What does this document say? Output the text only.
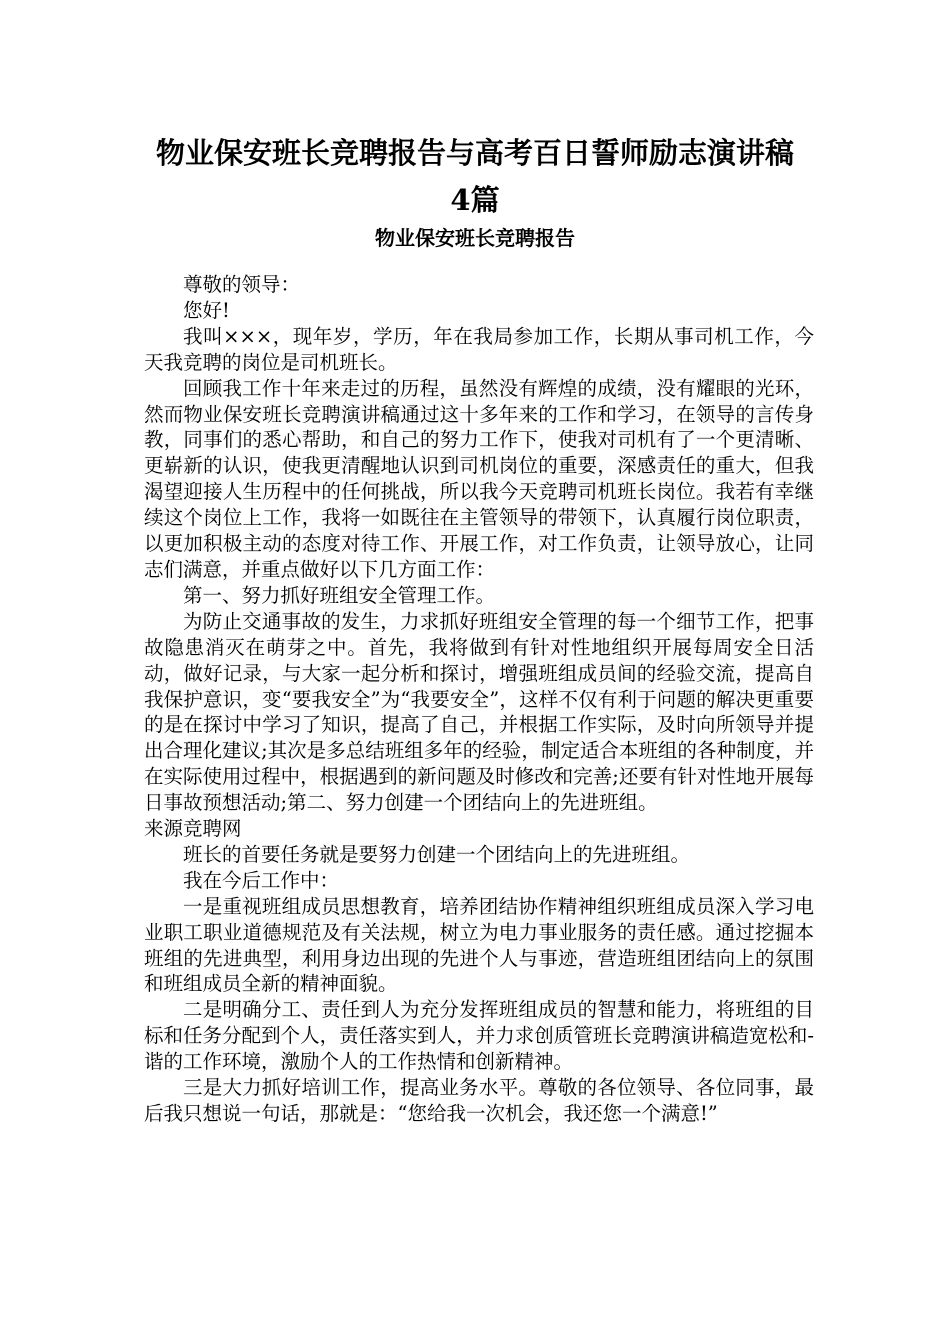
物业保安班长竞聘报告与高考百日誓师励志演讲稿
4篇
物业保安班长竞聘报告

尊敬的领导：

您好!

我叫×××，现年岁，学历，年在我局参加工作，长期从事司机工作，今天我竞聘的岗位是司机班长。

回顾我工作十年来走过的历程，虽然没有辉煌的成绩，没有耀眼的光环，然而物业保安班长竞聘演讲稿通过这十多年来的工作和学习，在领导的言传身教，同事们的悉心帮助，和自己的努力工作下，使我对司机有了一个更清晰、更崭新的认识，使我更清醒地认识到司机岗位的重要，深感责任的重大，但我渴望迎接人生历程中的任何挑战，所以我今天竞聘司机班长岗位。我若有幸继续这个岗位上工作，我将一如既往在主管领导的带领下，认真履行岗位职责，以更加积极主动的态度对待工作、开展工作，对工作负责，让领导放心，让同志们满意，并重点做好以下几方面工作：

第一、努力抓好班组安全管理工作。

为防止交通事故的发生，力求抓好班组安全管理的每一个细节工作，把事故隐患消灭在萌芽之中。首先，我将做到有针对性地组织开展每周安全日活动，做好记录，与大家一起分析和探讨，增强班组成员间的经验交流，提高自我保护意识，变“要我安全”为“我要安全”，这样不仅有利于问题的解决更重要的是在探讨中学习了知识，提高了自己，并根据工作实际，及时向所领导并提出合理化建议;其次是多总结班组多年的经验，制定适合本班组的各种制度，并在实际使用过程中，根据遇到的新问题及时修改和完善;还要有针对性地开展每日事故预想活动;第二、努力创建一个团结向上的先进班组。

来源竞聘网

班长的首要任务就是要努力创建一个团结向上的先进班组。

我在今后工作中：

一是重视班组成员思想教育，培养团结协作精神组织班组成员深入学习电业职工职业道德规范及有关法规，树立为电力事业服务的责任感。通过挖掘本班组的先进典型，利用身边出现的先进个人与事迹，营造班组团结向上的氛围和班组成员全新的精神面貌。

二是明确分工、责任到人为充分发挥班组成员的智慧和能力，将班组的目标和任务分配到个人，责任落实到人，并力求创质管班长竞聘演讲稿造宽松和-谐的工作环境，激励个人的工作热情和创新精神。

三是大力抓好培训工作，提高业务水平。尊敬的各位领导、各位同事，最后我只想说一句话，那就是：“您给我一次机会，我还您一个满意!”
